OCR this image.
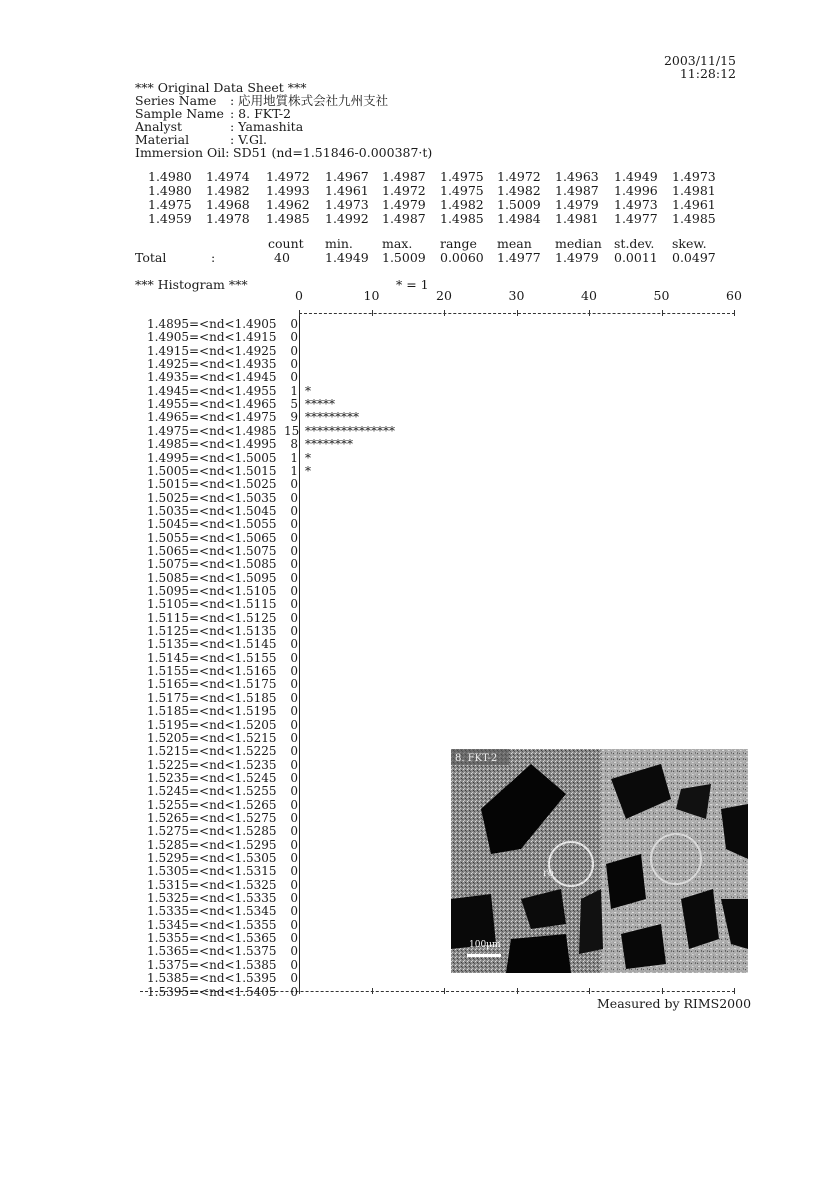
2003/11/15
11:28:12
*** Original Data Sheet ***
Series Name : 応用地質株式会社九州支社
Sample Name : 8. FKT-2
Analyst	: Yamashita
Material	: V.Gl.
Immersion Oil: SD51 (nd=1.51846-0.000387·t)
1.4980 1.4974 1.4972 1.4967 1.4987 1.4975 1.4972 1.4963 1.4949 1.4973
1.4980 1.4982 1.4993 1.4961 1.4972 1.4975 1.4982 1.4987 1.4996 1.4981
1.4975 1.4968 1.4962 1.4973 1.4979 1.4982 1.5009 1.4979 1.4973 1.4961
1.4959 1.4978 1.4985 1.4992 1.4987 1.4985 1.4984 1.4981 1.4977 1.4985
Total	:
count min. max. range mean median st.dev. skew.
40	1.4949 1.5009 0.0060 1.4977 1.4979 0.0011 0.0497
*** Histogram ***	* = 1
0	10	20	30	40	50	60
1.4895=<nd<1.4905	0
1.4905=<nd<1.4915	0
1.4915=<nd<1.4925	0
1.4925=<nd<1.4935	0
1.4935=<nd<1.4945	0
1.4945=<nd<1.4955	1 *
1.4955=<nd<1.4965	5 *****
1.4965=<nd<1.4975	9 *********
1.4975=<nd<1.4985 15 ***************
1.4985=<nd<1.4995	8 ********
1.4995=<nd<1.5005	1 *
1.5005=<nd<1.5015	1 *
1.5015=<nd<1.5025	0
1.5025=<nd<1.5035	0
1.5035=<nd<1.5045	0
1.5045=<nd<1.5055	0
1.5055=<nd<1.5065	0
1.5065=<nd<1.5075	0
1.5075=<nd<1.5085	0
1.5085=<nd<1.5095	0
1.5095=<nd<1.5105	0
1.5105=<nd<1.5115	0
1.5115=<nd<1.5125	0
1.5125=<nd<1.5135	0
1.5135=<nd<1.5145	0
1.5145=<nd<1.5155	0
1.5155=<nd<1.5165	0
1.5165=<nd<1.5175	0
1.5175=<nd<1.5185	0
1.5185=<nd<1.5195	0
1.5195=<nd<1.5205	0
1.5205=<nd<1.5215	0
1.5215=<nd<1.5225	0
1.5225=<nd<1.5235	0
1.5235=<nd<1.5245	0
1.5245=<nd<1.5255	0
1.5255=<nd<1.5265	0
1.5265=<nd<1.5275	0
1.5275=<nd<1.5285	0
1.5285=<nd<1.5295	0
1.5295=<nd<1.5305	0
1.5305=<nd<1.5315	0
1.5315=<nd<1.5325	0
1.5325=<nd<1.5335	0
1.5335=<nd<1.5345	0
1.5345=<nd<1.5355	0
1.5355=<nd<1.5365	0
1.5365=<nd<1.5375	0
1.5375=<nd<1.5385	0
1.5385=<nd<1.5395	0
1.5395=<nd<1.5405	0
8. FKT-2
ro
100μm
Measured by RIMS2000
